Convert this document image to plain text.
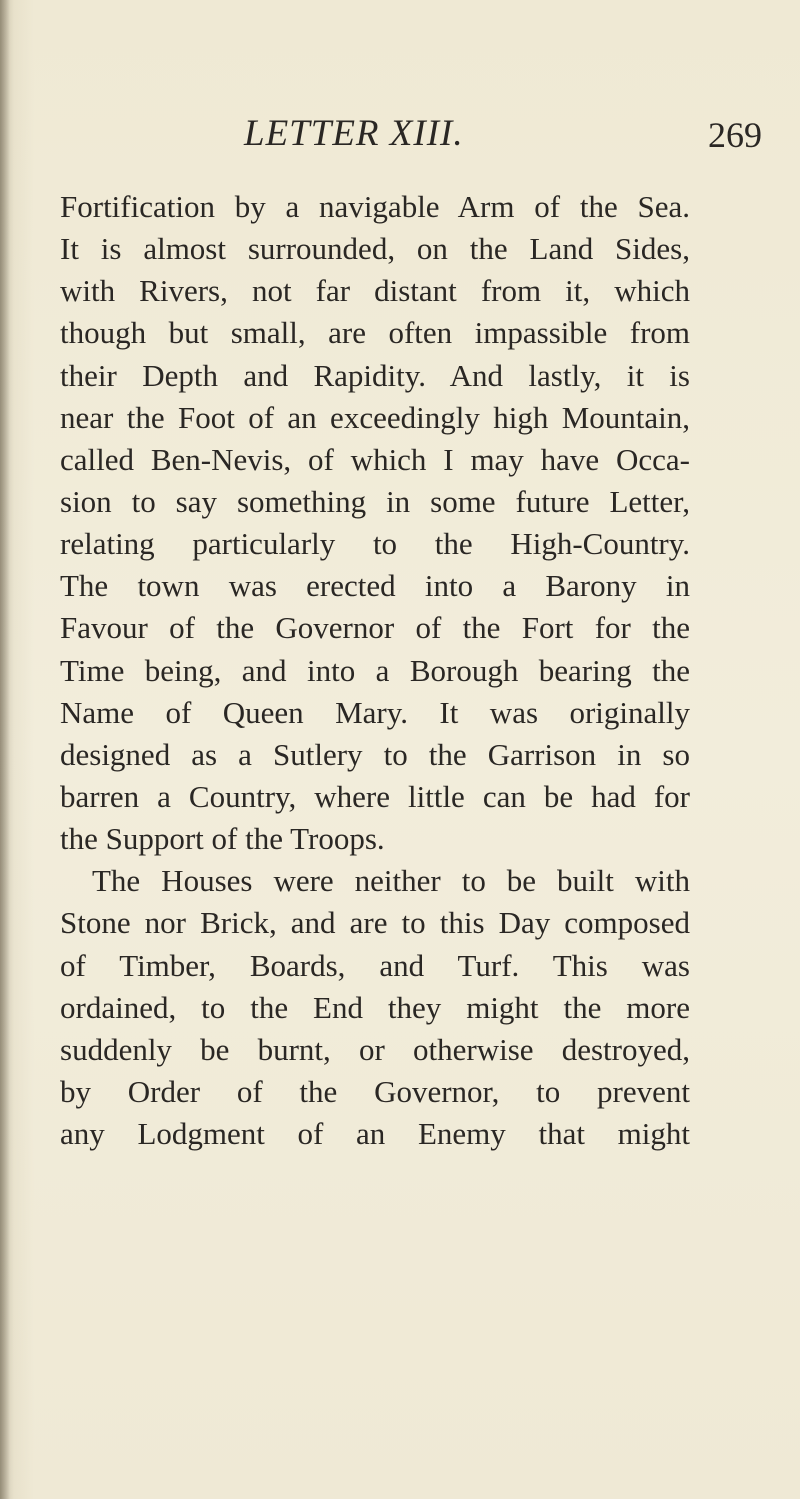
LETTER XIII.	269
Fortification by a navigable Arm of the Sea.
It is almost surrounded, on the Land Sides,
with Rivers, not far distant from it, which
though but small, are often impassible from
their Depth and Rapidity. And lastly, it is
near the Foot of an exceedingly high Mountain,
called Ben-Nevis, of which I may have Occa-
sion to say something in some future Letter,
relating particularly to the High-Country.
The town was erected into a Barony in
Favour of the Governor of the Fort for the
Time being, and into a Borough bearing the
Name of Queen Mary. It was originally
designed as a Sutlery to the Garrison in so
barren a Country, where little can be had for
the Support of the Troops.
The Houses were neither to be built with
Stone nor Brick, and are to this Day composed
of Timber, Boards, and Turf. This was
ordained, to the End they might the more
suddenly be burnt, or otherwise destroyed,
by Order of the Governor, to prevent
any Lodgment of an Enemy that might
